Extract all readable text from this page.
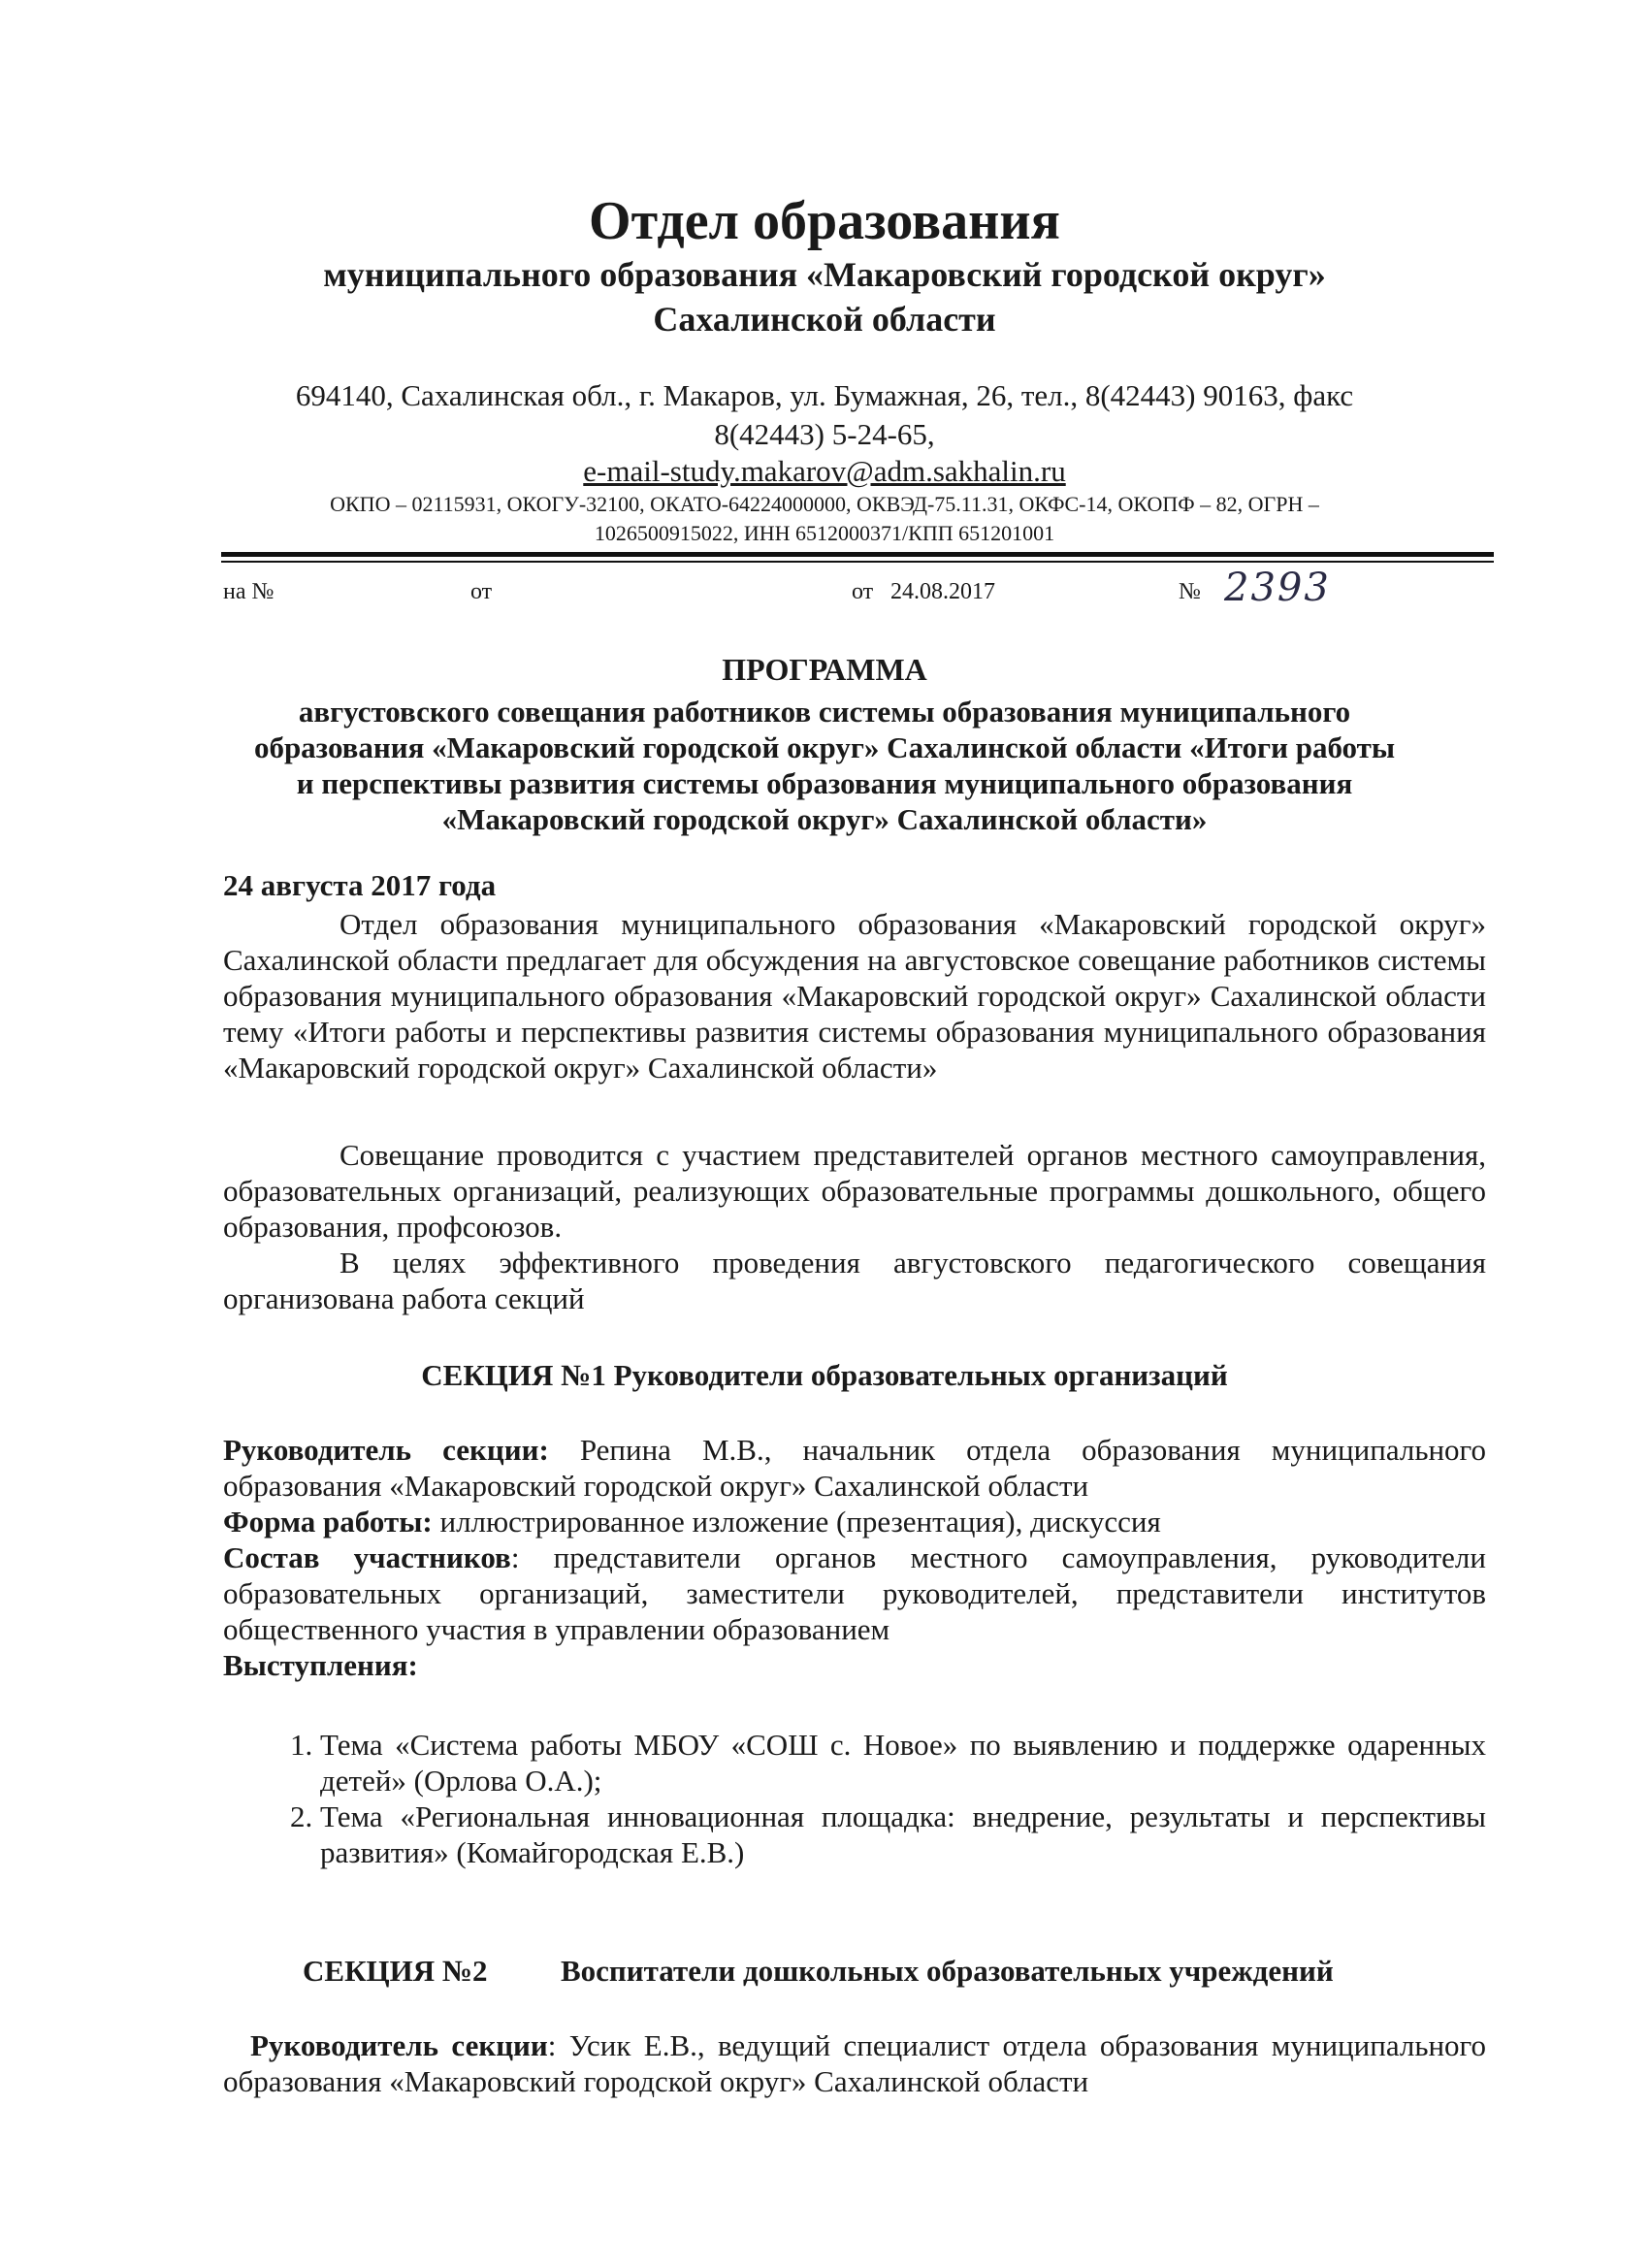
Отдел образования
муниципального образования «Макаровский городской округ»
Сахалинской области
694140, Сахалинская обл., г. Макаров, ул. Бумажная, 26, тел., 8(42443) 90163, факс
8(42443) 5-24-65,
e-mail-study.makarov@adm.sakhalin.ru
ОКПО – 02115931, ОКОГУ-32100, ОКАТО-64224000000, ОКВЭД-75.11.31, ОКФС-14, ОКОПФ – 82, ОГРН –
1026500915022, ИНН 6512000371/КПП 651201001
на №	от	от 24.08.2017	№ 2393
ПРОГРАММА
августовского совещания работников системы образования муниципального
образования «Макаровский городской округ» Сахалинской области «Итоги работы
и перспективы развития системы образования муниципального образования
«Макаровский городской округ» Сахалинской области»
24 августа 2017 года

Отдел образования муниципального образования «Макаровский городской округ» Сахалинской области предлагает для обсуждения на августовское совещание работников системы образования муниципального образования «Макаровский городской округ» Сахалинской области тему «Итоги работы и перспективы развития системы образования муниципального образования «Макаровский городской округ» Сахалинской области»

Совещание проводится с участием представителей органов местного самоуправления, образовательных организаций, реализующих образовательные программы дошкольного, общего образования, профсоюзов.

В целях эффективного проведения августовского педагогического совещания организована работа секций

СЕКЦИЯ №1 Руководители образовательных организаций

Руководитель секции: Репина М.В., начальник отдела образования муниципального образования «Макаровский городской округ» Сахалинской области

Форма работы: иллюстрированное изложение (презентация), дискуссия

Состав участников: представители органов местного самоуправления, руководители образовательных организаций, заместители руководителей, представители институтов общественного участия в управлении образованием

Выступления:

1. Тема «Система работы МБОУ «СОШ с. Новое» по выявлению и поддержке одаренных детей» (Орлова О.А.);
2. Тема «Региональная инновационная площадка: внедрение, результаты и перспективы развития» (Комайгородская Е.В.)
СЕКЦИЯ №2 Воспитатели дошкольных образовательных учреждений

Руководитель секции: Усик Е.В., ведущий специалист отдела образования муниципального образования «Макаровский городской округ» Сахалинской области
